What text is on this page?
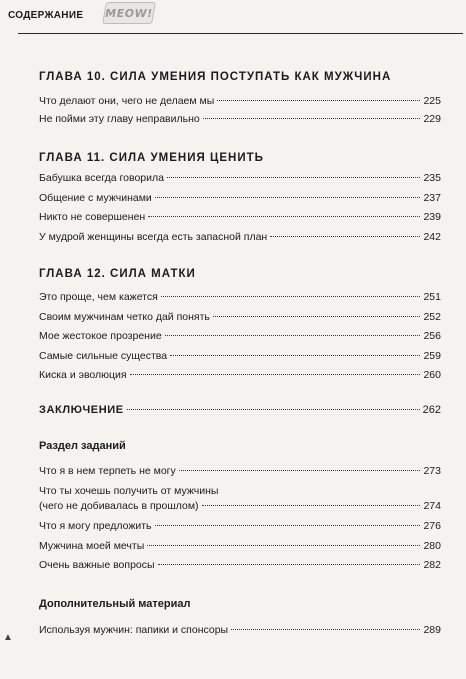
СОДЕРЖАНИЕ MEOW!
ГЛАВА 10. СИЛА УМЕНИЯ ПОСТУПАТЬ КАК МУЖЧИНА
Что делают они, чего не делаем мы	225
Не пойми эту главу неправильно	229
ГЛАВА 11. СИЛА УМЕНИЯ ЦЕНИТЬ
Бабушка всегда говорила	235
Общение с мужчинами	237
Никто не совершенен	239
У мудрой женщины всегда есть запасной план	242
ГЛАВА 12. СИЛА МАТКИ
Это проще, чем кажется	251
Своим мужчинам четко дай понять	252
Мое жестокое прозрение	256
Самые сильные существа	259
Киска и эволюция	260
ЗАКЛЮЧЕНИЕ	262
Раздел заданий
Что я в нем терпеть не могу	273
Что ты хочешь получить от мужчины
(чего не добивалась в прошлом)	274
Что я могу предложить	276
Мужчина моей мечты	280
Очень важные вопросы	282
Дополнительный материал
Используя мужчин: папики и спонсоры	289
▲
